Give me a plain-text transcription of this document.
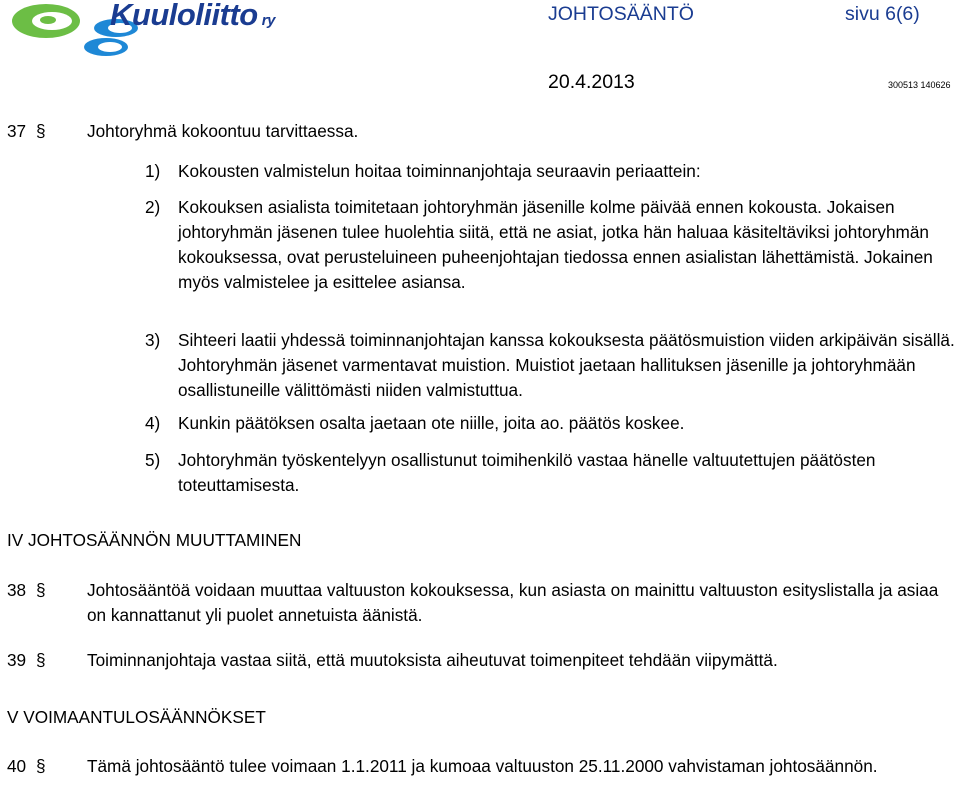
Kuuloliitto ry	JOHTOSÄÄNTÖ	sivu 6(6)
20.4.2013	300513 140626
37 § Johtoryhmä kokoontuu tarvittaessa.
1) Kokousten valmistelun hoitaa toiminnanjohtaja seuraavin periaattein:
2) Kokouksen asialista toimitetaan johtoryhmän jäsenille kolme päivää ennen kokousta. Jokaisen johtoryhmän jäsenen tulee huolehtia siitä, että ne asiat, jotka hän haluaa käsiteltäviksi johtoryhmän kokouksessa, ovat perusteluineen puheenjohtajan tiedossa ennen asialistan lähettämistä. Jokainen myös valmistelee ja esittelee asiansa.
3) Sihteeri laatii yhdessä toiminnanjohtajan kanssa kokouksesta päätösmuistion viiden arkipäivän sisällä. Johtoryhmän jäsenet varmentavat muistion. Muistiot jaetaan hallituksen jäsenille ja johtoryhmään osallistuneille välittömästi niiden valmistuttua.
4) Kunkin päätöksen osalta jaetaan ote niille, joita ao. päätös koskee.
5) Johtoryhmän työskentelyyn osallistunut toimihenkilö vastaa hänelle valtuutettujen päätösten toteuttamisesta.
IV JOHTOSÄÄNNÖN MUUTTAMINEN
38 § Johtosääntöä voidaan muuttaa valtuuston kokouksessa, kun asiasta on mainittu valtuuston esityslistalla ja asiaa on kannattanut yli puolet annetuista äänistä.
39 § Toiminnanjohtaja vastaa siitä, että muutoksista aiheutuvat toimenpiteet tehdään viipymättä.
V VOIMAANTULOSÄÄNNÖKSET
40 § Tämä johtosääntö tulee voimaan 1.1.2011 ja kumoaa valtuuston 25.11.2000 vahvistaman johtosäännön.
